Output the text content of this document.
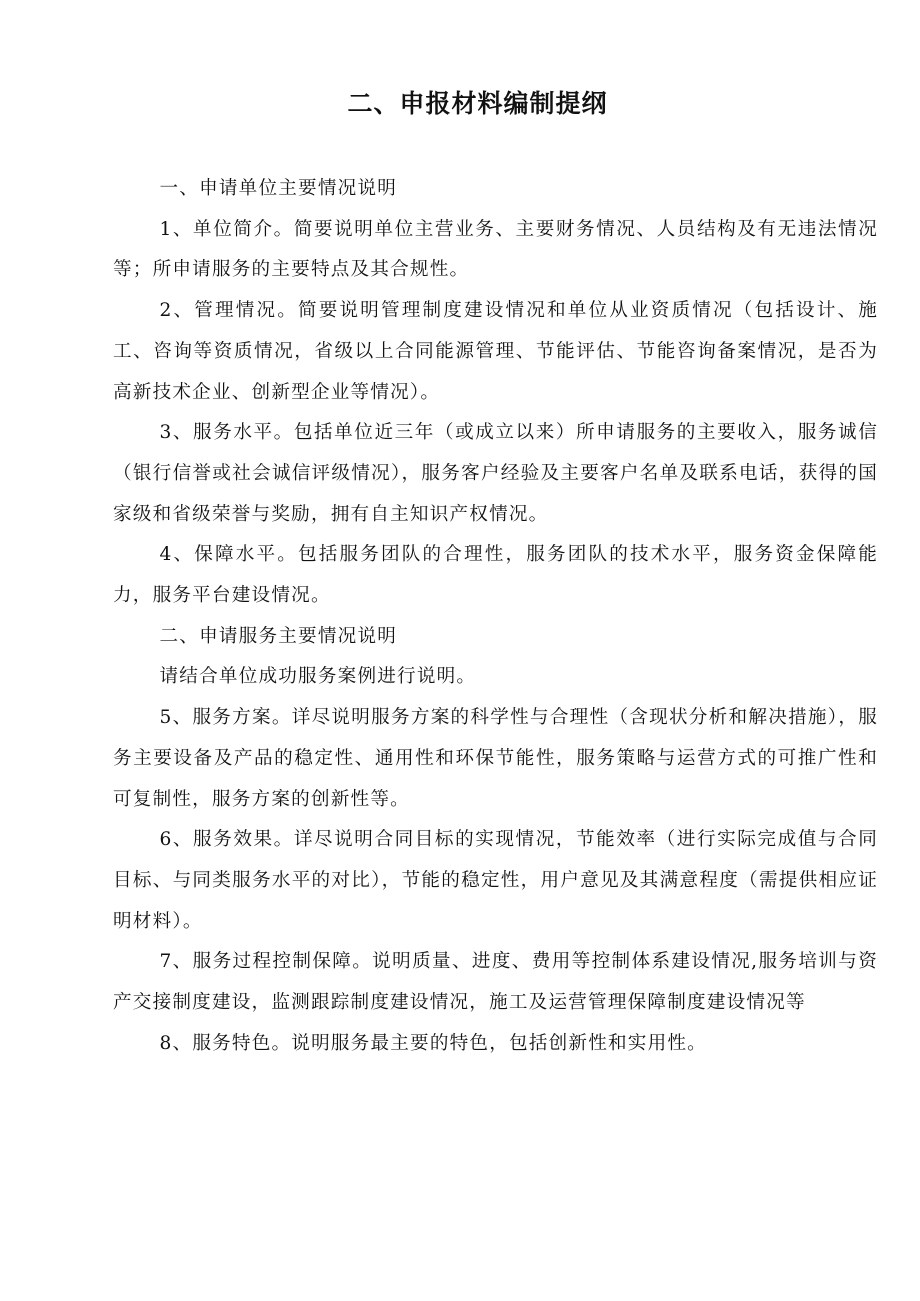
二、申报材料编制提纲

一、申请单位主要情况说明

1、单位简介。简要说明单位主营业务、主要财务情况、人员结构及有无违法情况等；所申请服务的主要特点及其合规性。

2、管理情况。简要说明管理制度建设情况和单位从业资质情况（包括设计、施工、咨询等资质情况，省级以上合同能源管理、节能评估、节能咨询备案情况，是否为高新技术企业、创新型企业等情况）。

3、服务水平。包括单位近三年（或成立以来）所申请服务的主要收入，服务诚信（银行信誉或社会诚信评级情况），服务客户经验及主要客户名单及联系电话，获得的国家级和省级荣誉与奖励，拥有自主知识产权情况。

4、保障水平。包括服务团队的合理性，服务团队的技术水平，服务资金保障能力，服务平台建设情况。

二、申请服务主要情况说明

请结合单位成功服务案例进行说明。

5、服务方案。详尽说明服务方案的科学性与合理性（含现状分析和解决措施），服务主要设备及产品的稳定性、通用性和环保节能性，服务策略与运营方式的可推广性和可复制性，服务方案的创新性等。

6、服务效果。详尽说明合同目标的实现情况，节能效率（进行实际完成值与合同目标、与同类服务水平的对比），节能的稳定性，用户意见及其满意程度（需提供相应证明材料）。

7、服务过程控制保障。说明质量、进度、费用等控制体系建设情况,服务培训与资产交接制度建设，监测跟踪制度建设情况，施工及运营管理保障制度建设情况等

8、服务特色。说明服务最主要的特色，包括创新性和实用性。
